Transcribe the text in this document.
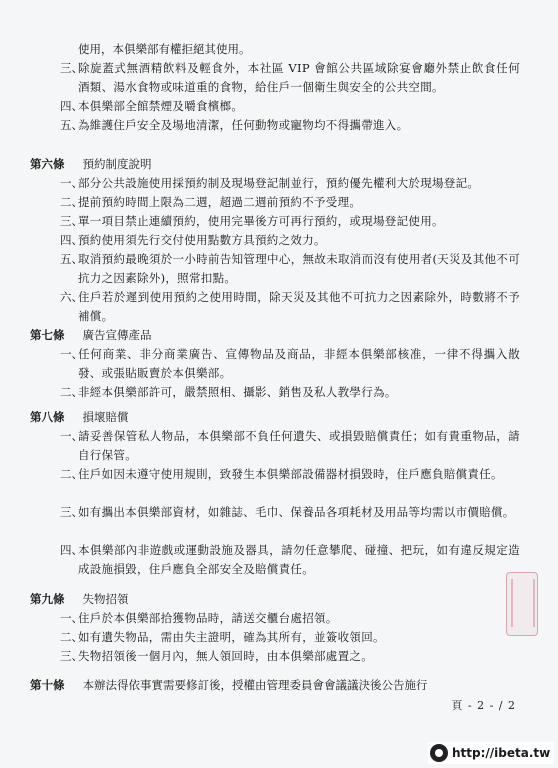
使用，本俱樂部有權拒絕其使用。
三、
除旋蓋式無酒精飲料及輕食外，本社區 VIP 會館公共區域除宴會廳外禁止飲食任何酒類、湯水食物或味道重的食物，給住戶一個衛生與安全的公共空間。
四、
本俱樂部全館禁煙及嚼食檳榔。
五、
為維護住戶安全及場地清潔，任何動物或寵物均不得攜帶進入。
第六條 預約制度說明
一、
部分公共設施使用採預約制及現場登記制並行，預約優先權利大於現場登記。
二、
提前預約時間上限為二週，超過二週前預約不予受理。
三、
單一項目禁止連續預約，使用完畢後方可再行預約，或現場登記使用。
四、
預約使用須先行交付使用點數方具預約之效力。
五、
取消預約最晚須於一小時前告知管理中心，無故未取消而沒有使用者(天災及其他不可抗力之因素除外)，照常扣點。
六、
住戶若於遲到使用預約之使用時間，除天災及其他不可抗力之因素除外，時數將不予補償。
第七條 廣告宣傳產品
一、
任何商業、非分商業廣告、宣傳物品及商品，非經本俱樂部核准，一律不得攜入散發、或張貼販賣於本俱樂部。
二、
非經本俱樂部許可，嚴禁照相、攝影、銷售及私人教學行為。
第八條 損壞賠償
一、
請妥善保管私人物品，本俱樂部不負任何遺失、或損毀賠償責任；如有貴重物品，請自行保管。
二、
住戶如因未遵守使用規則，致發生本俱樂部設備器材損毀時，住戶應負賠償責任。
三、
如有攜出本俱樂部資材，如雜誌、毛巾、保養品各項耗材及用品等均需以市價賠償。
四、
本俱樂部內非遊戲或運動設施及器具，請勿任意攀爬、碰撞、把玩，如有違反規定造成設施損毀，住戶應負全部安全及賠償責任。
第九條 失物招領
一、
住戶於本俱樂部拾獲物品時，請送交櫃台處招領。
二、
如有遺失物品，需由失主證明，確為其所有，並簽收領回。
三、
失物招領後一個月內，無人領回時，由本俱樂部處置之。
第十條 本辦法得依事實需要修訂後，授權由管理委員會會議議決後公告施行
頁 - 2 - / 2
http://ibeta.tw
